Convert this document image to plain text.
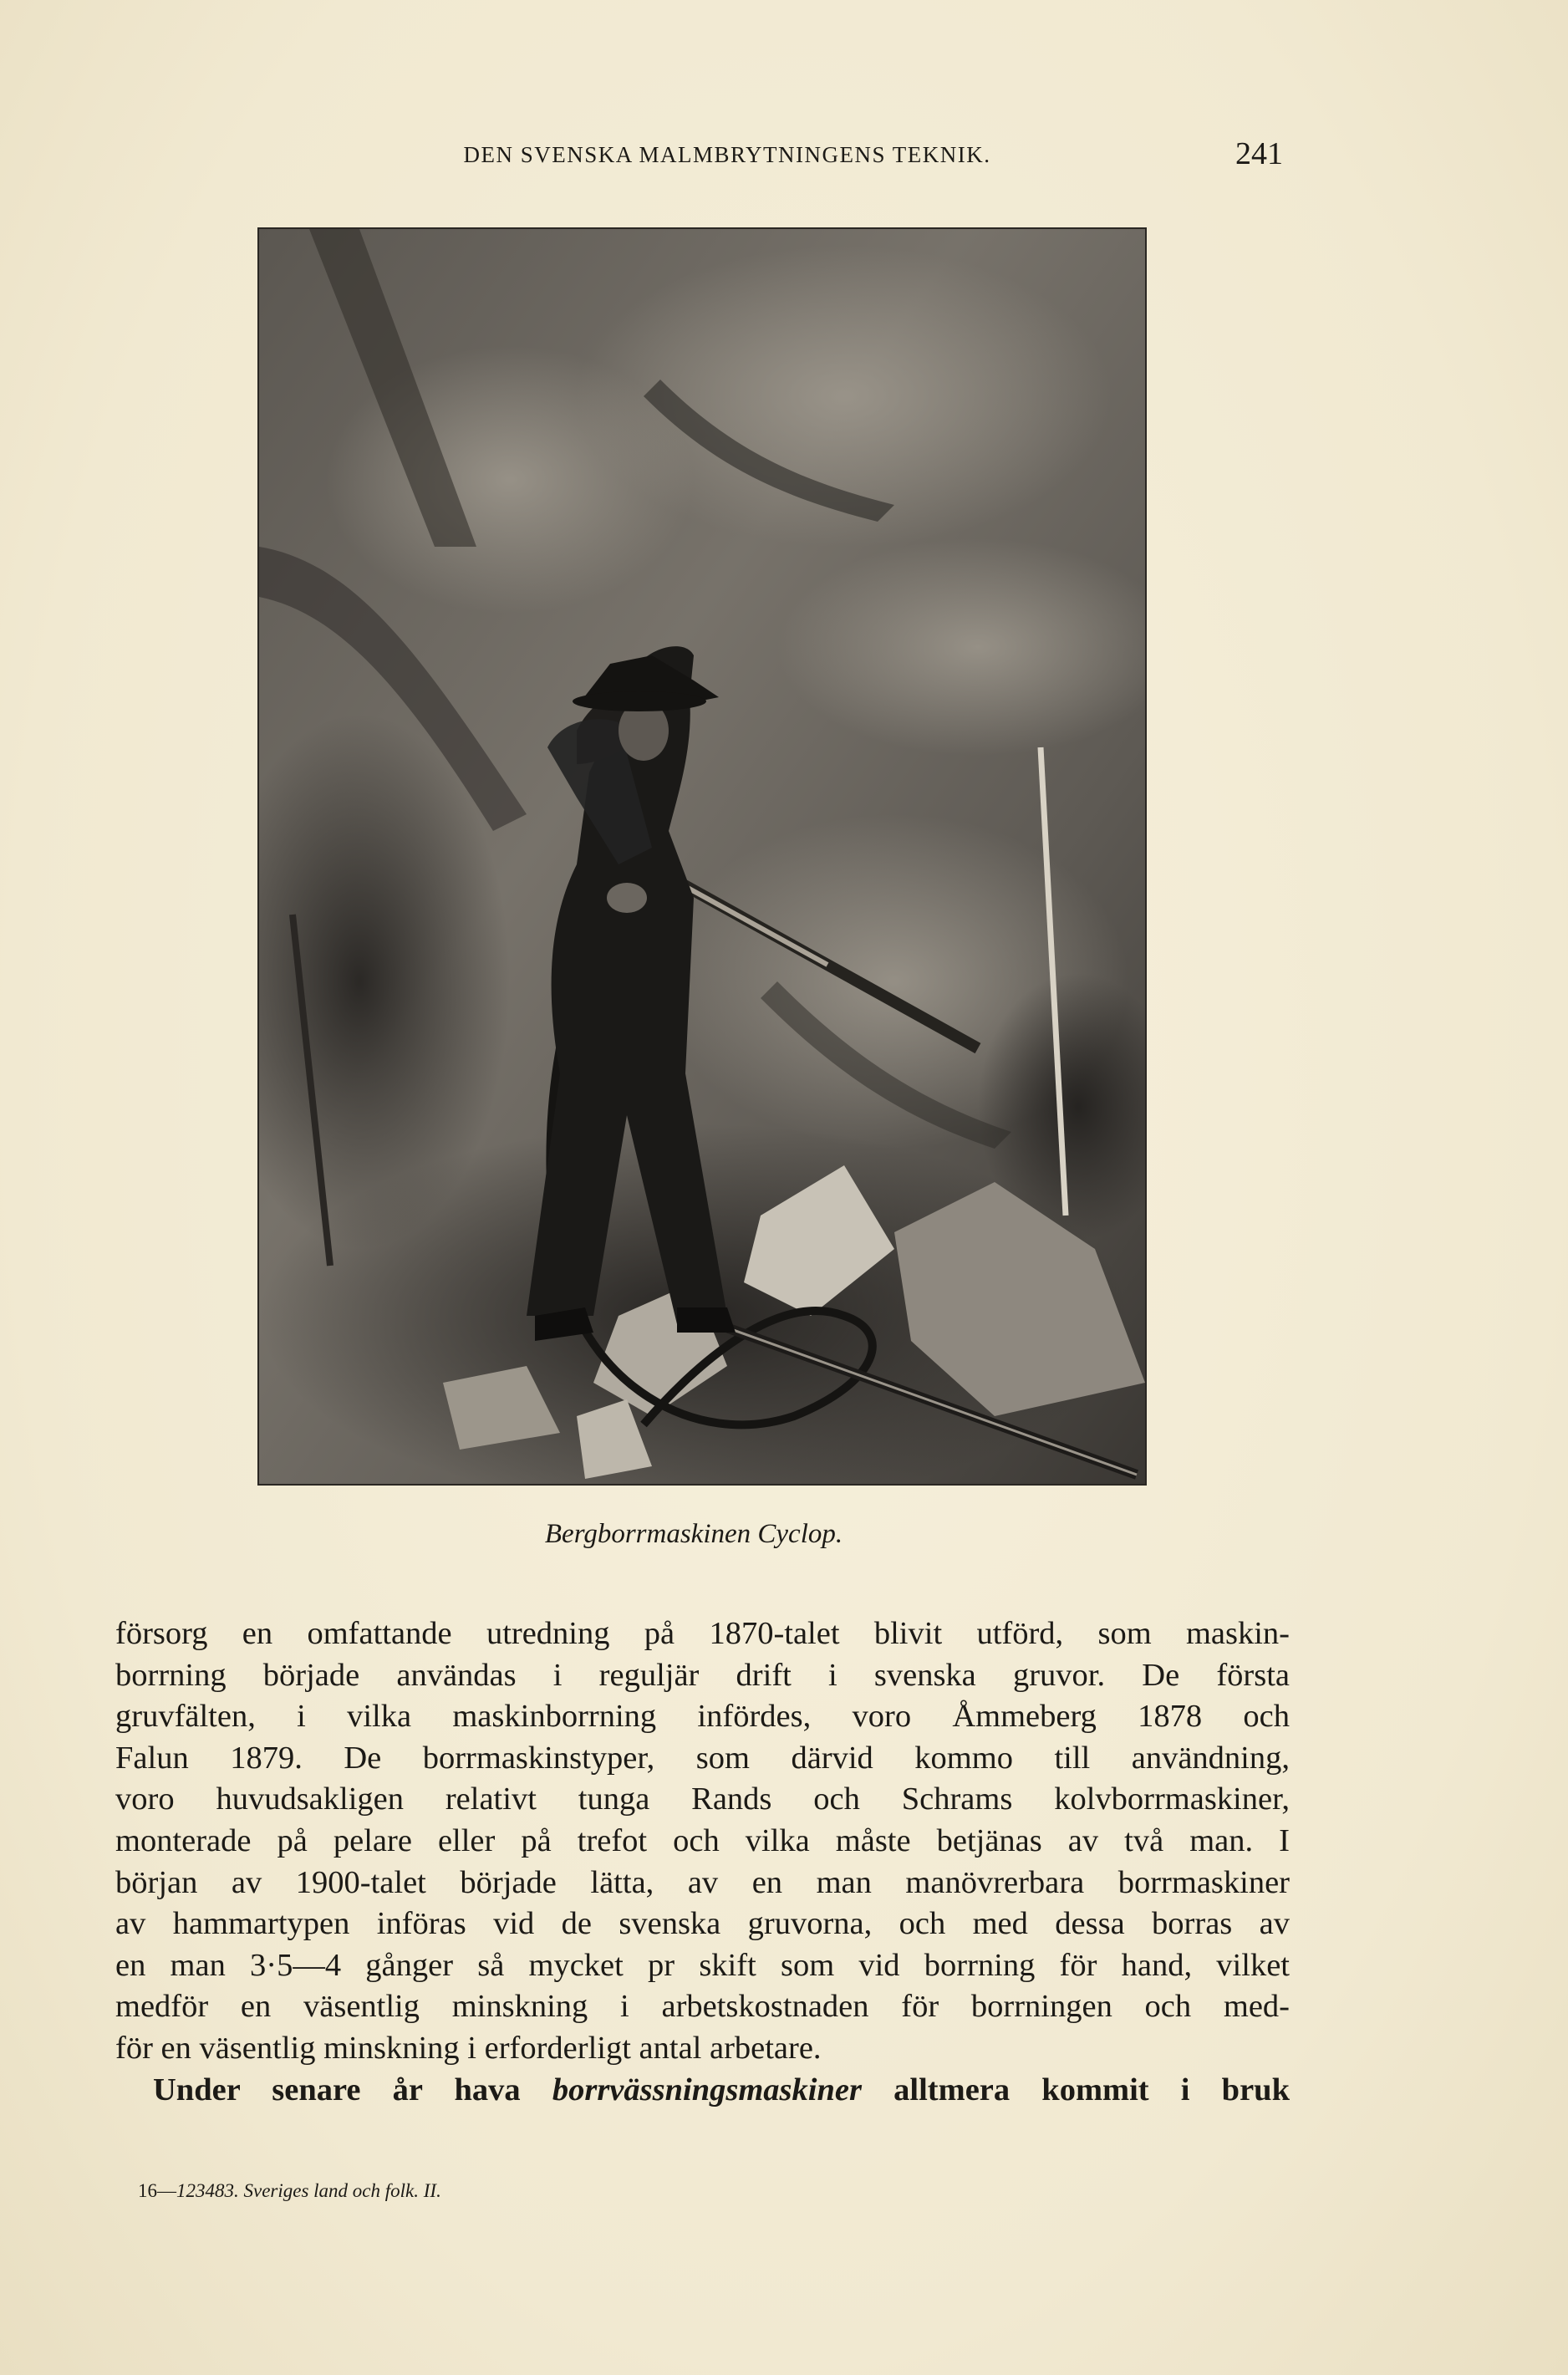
DEN SVENSKA MALMBRYTNINGENS TEKNIK.	241
Bergborrmaskinen Cyclop.
försorg en omfattande utredning på 1870-talet blivit utförd, som maskin-
borrning började användas i reguljär drift i svenska gruvor. De första
gruvfälten, i vilka maskinborrning infördes, voro Åmmeberg 1878 och
Falun 1879. De borrmaskinstyper, som därvid kommo till användning,
voro huvudsakligen relativt tunga Rands och Schrams kolvborrmaskiner,
monterade på pelare eller på trefot och vilka måste betjänas av två man. I
början av 1900-talet började lätta, av en man manövrerbara borrmaskiner
av hammartypen införas vid de svenska gruvorna, och med dessa borras av
en man 3·5—4 gånger så mycket pr skift som vid borrning för hand, vilket
medför en väsentlig minskning i arbetskostnaden för borrningen och med-
för en väsentlig minskning i erforderligt antal arbetare.
Under senare år hava borrvässningsmaskiner alltmera kommit i bruk
16—123483. Sveriges land och folk. II.
